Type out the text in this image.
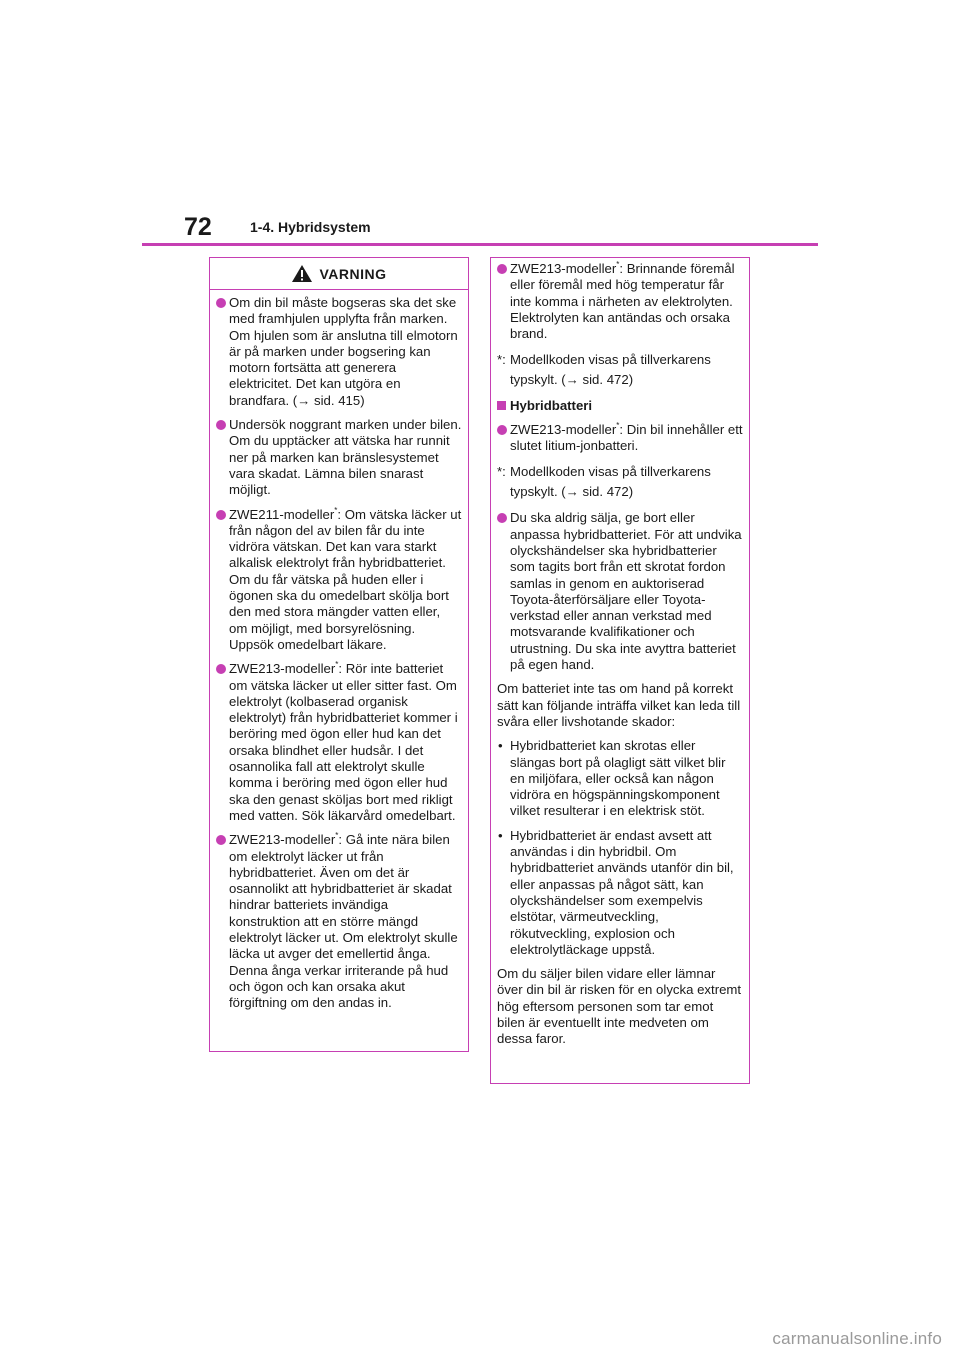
72	1-4. Hybridsystem
VARNING
Om din bil måste bogseras ska det ske med framhjulen upplyfta från marken. Om hjulen som är anslutna till elmotorn är på marken under bogsering kan motorn fortsätta att generera elektricitet. Det kan utgöra en brandfara. (→ sid. 415)
Undersök noggrant marken under bilen. Om du upptäcker att vätska har runnit ner på marken kan bränslesystemet vara skadat. Lämna bilen snarast möjligt.
ZWE211-modeller*: Om vätska läcker ut från någon del av bilen får du inte vidröra vätskan. Det kan vara starkt alkalisk elektrolyt från hybridbatteriet. Om du får vätska på huden eller i ögonen ska du omedelbart skölja bort den med stora mängder vatten eller, om möjligt, med borsyrelösning. Uppsök omedelbart läkare.
ZWE213-modeller*: Rör inte batteriet om vätska läcker ut eller sitter fast. Om elektrolyt (kolbaserad organisk elektrolyt) från hybridbatteriet kommer i beröring med ögon eller hud kan det orsaka blindhet eller hudsår. I det osannolika fall att elektrolyt skulle komma i beröring med ögon eller hud ska den genast sköljas bort med rikligt med vatten. Sök läkarvård omedelbart.
ZWE213-modeller*: Gå inte nära bilen om elektrolyt läcker ut från hybridbatteriet. Även om det är osannolikt att hybridbatteriet är skadat hindrar batteriets invändiga konstruktion att en större mängd elektrolyt läcker ut. Om elektrolyt skulle läcka ut avger det emellertid ånga. Denna ånga verkar irriterande på hud och ögon och kan orsaka akut förgiftning om den andas in.
ZWE213-modeller*: Brinnande föremål eller föremål med hög temperatur får inte komma i närheten av elektrolyten. Elektrolyten kan antändas och orsaka brand.
*: Modellkoden visas på tillverkarens
typskylt. (→ sid. 472)
Hybridbatteri
ZWE213-modeller*: Din bil innehåller ett slutet litium-jonbatteri.
*: Modellkoden visas på tillverkarens
typskylt. (→ sid. 472)
Du ska aldrig sälja, ge bort eller anpassa hybridbatteriet. För att undvika olyckshändelser ska hybridbatterier som tagits bort från ett skrotat fordon samlas in genom en auktoriserad Toyota-återförsäljare eller Toyota-verkstad eller annan verkstad med motsvarande kvalifikationer och utrustning. Du ska inte avyttra batteriet på egen hand.
Om batteriet inte tas om hand på korrekt sätt kan följande inträffa vilket kan leda till svåra eller livshotande skador:
• Hybridbatteriet kan skrotas eller slängas bort på olagligt sätt vilket blir en miljöfara, eller också kan någon vidröra en högspänningskomponent vilket resulterar i en elektrisk stöt.
• Hybridbatteriet är endast avsett att användas i din hybridbil. Om hybridbatteriet används utanför din bil, eller anpassas på något sätt, kan olyckshändelser som exempelvis elstötar, värmeutveckling, rökutveckling, explosion och elektrolytläckage uppstå.
Om du säljer bilen vidare eller lämnar över din bil är risken för en olycka extremt hög eftersom personen som tar emot bilen är eventuellt inte medveten om dessa faror.
carmanualsonline.info
